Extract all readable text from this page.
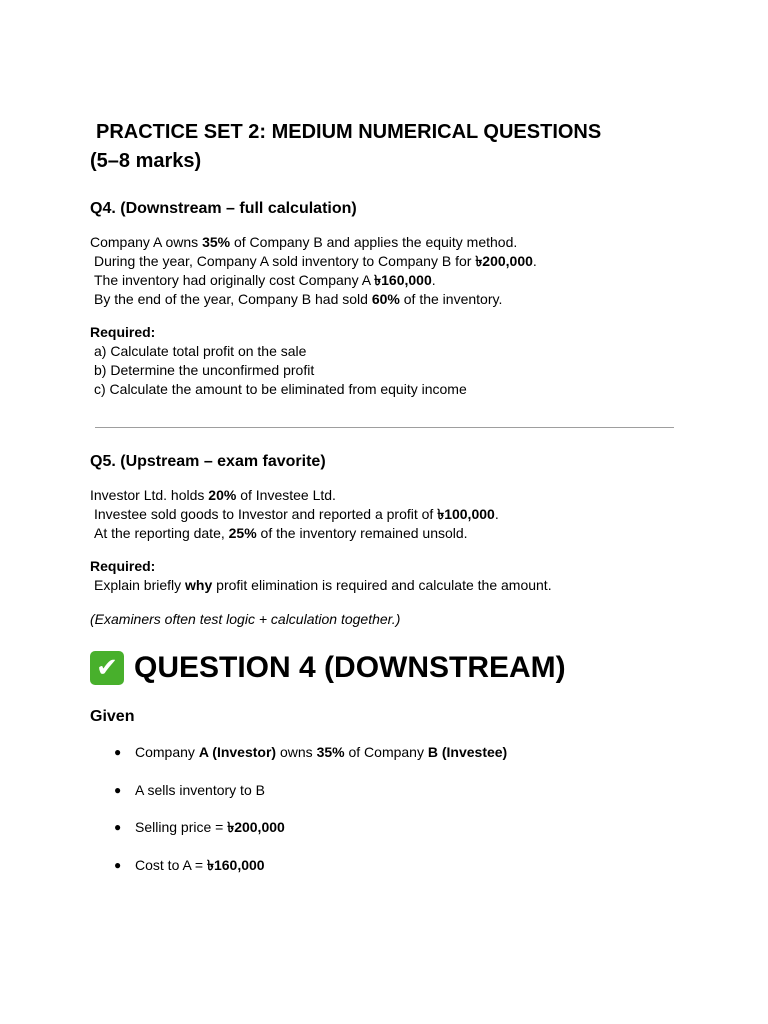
PRACTICE SET 2: MEDIUM NUMERICAL QUESTIONS
(5–8 marks)
Q4. (Downstream – full calculation)

Company A owns 35% of Company B and applies the equity method.
During the year, Company A sold inventory to Company B for ৳200,000.
The inventory had originally cost Company A ৳160,000.
By the end of the year, Company B had sold 60% of the inventory.

Required:
a) Calculate total profit on the sale
b) Determine the unconfirmed profit
c) Calculate the amount to be eliminated from equity income

Q5. (Upstream – exam favorite)

Investor Ltd. holds 20% of Investee Ltd.
Investee sold goods to Investor and reported a profit of ৳100,000.
At the reporting date, 25% of the inventory remained unsold.

Required:
Explain briefly why profit elimination is required and calculate the amount.

(Examiners often test logic + calculation together.)

✔ QUESTION 4 (DOWNSTREAM)
Given
● Company A (Investor) owns 35% of Company B (Investee)
● A sells inventory to B
● Selling price = ৳200,000
● Cost to A = ৳160,000
